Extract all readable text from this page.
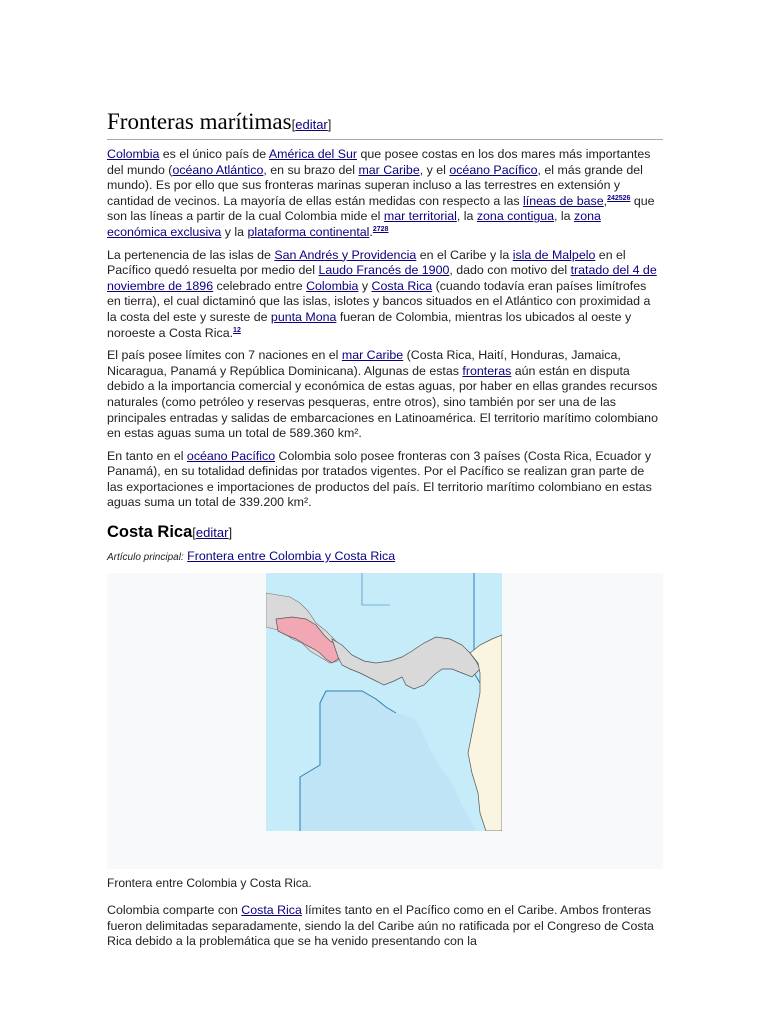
Fronteras marítimas[editar]

Colombia es el único país de América del Sur que posee costas en los dos mares más importantes del mundo (océano Atlántico, en su brazo del mar Caribe, y el océano Pacífico, el más grande del mundo). Es por ello que sus fronteras marinas superan incluso a las terrestres en extensión y cantidad de vecinos. La mayoría de ellas están medidas con respecto a las líneas de base,$^{242526}$ que son las líneas a partir de la cual Colombia mide el mar territorial, la zona contigua, la zona económica exclusiva y la plataforma continental.$^{2728}$

La pertenencia de las islas de San Andrés y Providencia en el Caribe y la isla de Malpelo en el Pacífico quedó resuelta por medio del Laudo Francés de 1900, dado con motivo del tratado del 4 de noviembre de 1896 celebrado entre Colombia y Costa Rica (cuando todavía eran países limítrofes en tierra), el cual dictaminó que las islas, islotes y bancos situados en el Atlántico con proximidad a la costa del este y sureste de punta Mona fueran de Colombia, mientras los ubicados al oeste y noroeste a Costa Rica.$^{12}$

El país posee límites con 7 naciones en el mar Caribe (Costa Rica, Haití, Honduras, Jamaica, Nicaragua, Panamá y República Dominicana). Algunas de estas fronteras aún están en disputa debido a la importancia comercial y económica de estas aguas, por haber en ellas grandes recursos naturales (como petróleo y reservas pesqueras, entre otros), sino también por ser una de las principales entradas y salidas de embarcaciones en Latinoamérica. El territorio marítimo colombiano en estas aguas suma un total de 589.360 km².

En tanto en el océano Pacífico Colombia solo posee fronteras con 3 países (Costa Rica, Ecuador y Panamá), en su totalidad definidas por tratados vigentes. Por el Pacífico se realizan gran parte de las exportaciones e importaciones de productos del país. El territorio marítimo colombiano en estas aguas suma un total de 339.200 km².

Costa Rica[editar]
Artículo principal: Frontera entre Colombia y Costa Rica
Frontera entre Colombia y Costa Rica.

Colombia comparte con Costa Rica límites tanto en el Pacífico como en el Caribe. Ambos fronteras fueron delimitadas separadamente, siendo la del Caribe aún no ratificada por el Congreso de Costa Rica debido a la problemática que se ha venido presentando con la
